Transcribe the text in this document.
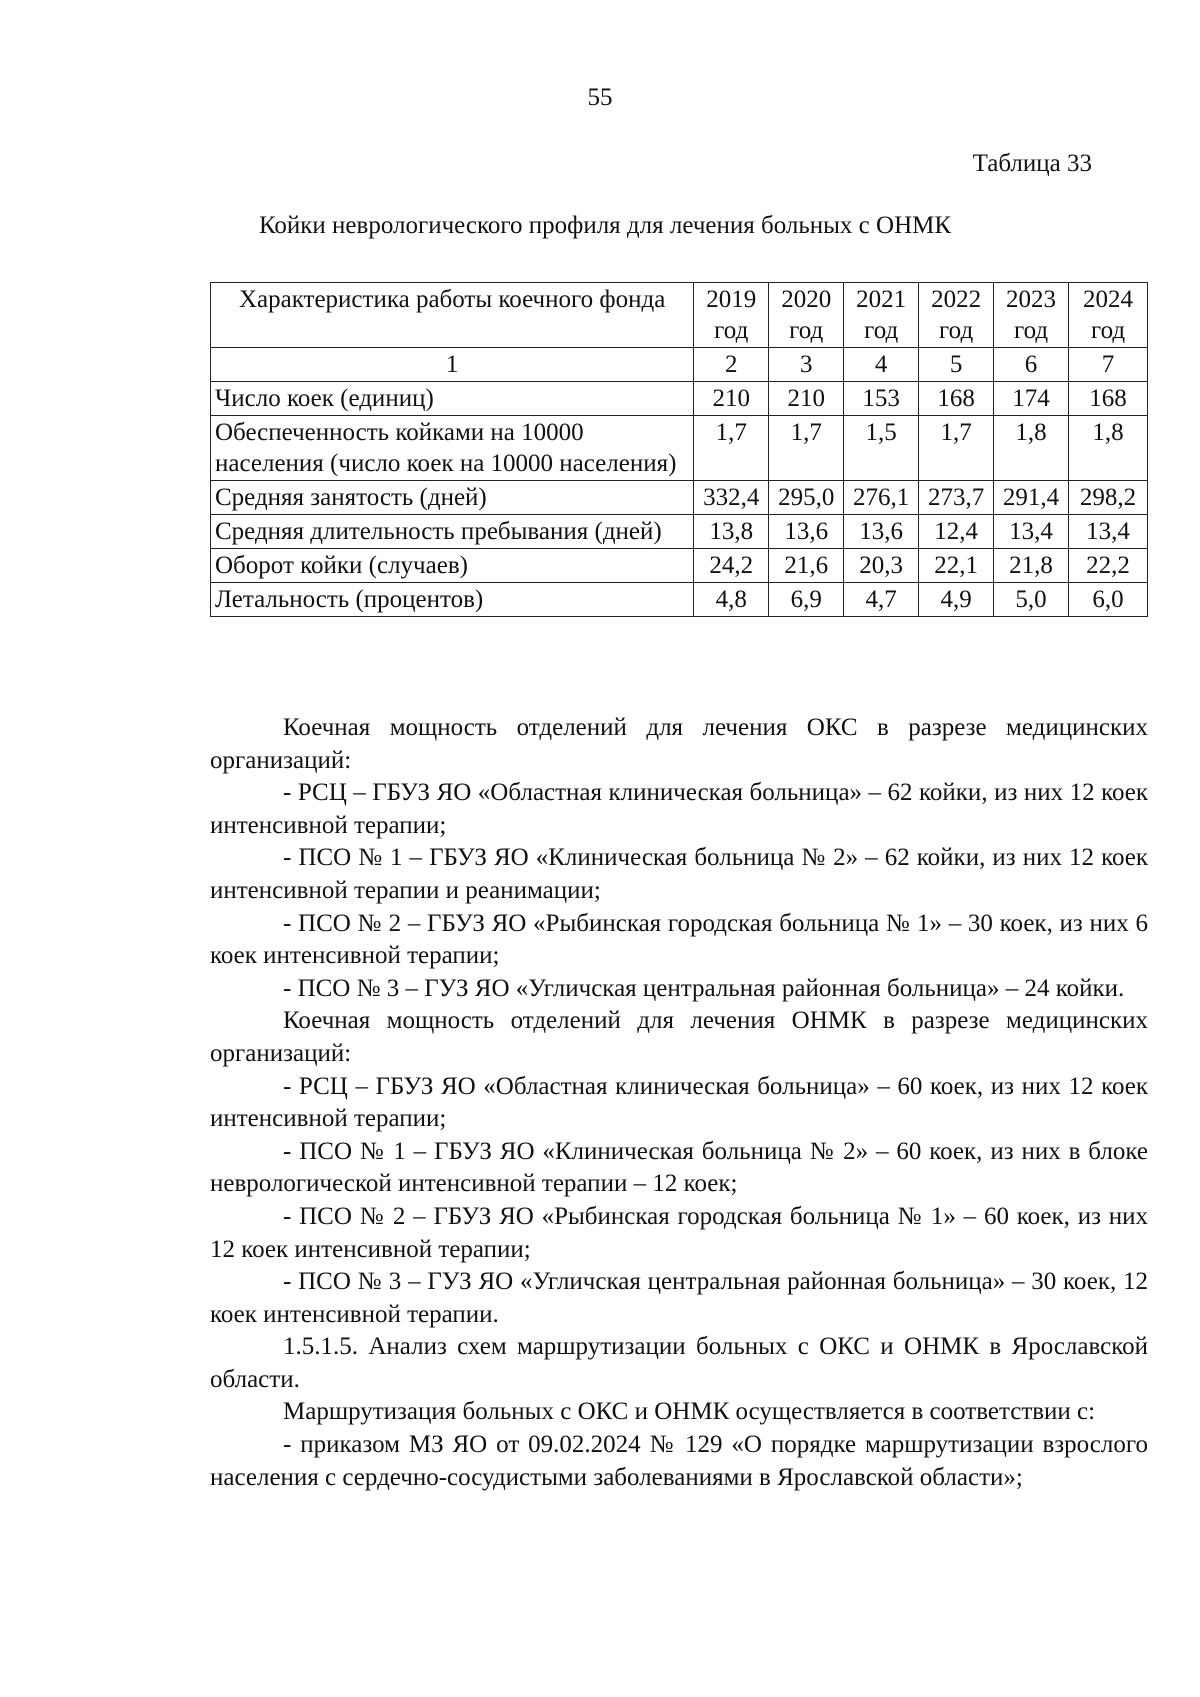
55
Таблица 33
Койки неврологического профиля для лечения больных с ОНМК
Характеристика работы коечного фонда	2019 год	2020 год	2021 год	2022 год	2023 год	2024 год
1	2	3	4	5	6	7
Число коек (единиц)	210	210	153	168	174	168
Обеспеченность койками на 10000 населения (число коек на 10000 населения)	1,7	1,7	1,5	1,7	1,8	1,8
Средняя занятость (дней)	332,4	295,0	276,1	273,7	291,4	298,2
Средняя длительность пребывания (дней)	13,8	13,6	13,6	12,4	13,4	13,4
Оборот койки (случаев)	24,2	21,6	20,3	22,1	21,8	22,2
Летальность (процентов)	4,8	6,9	4,7	4,9	5,0	6,0

Коечная мощность отделений для лечения ОКС в разрезе медицинских организаций:

- РСЦ – ГБУЗ ЯО «Областная клиническая больница» – 62 койки, из них 12 коек интенсивной терапии;

- ПСО № 1 – ГБУЗ ЯО «Клиническая больница № 2» – 62 койки, из них 12 коек интенсивной терапии и реанимации;

- ПСО № 2 – ГБУЗ ЯО «Рыбинская городская больница № 1» – 30 коек, из них 6 коек интенсивной терапии;

- ПСО № 3 – ГУЗ ЯО «Угличская центральная районная больница» – 24 койки.

Коечная мощность отделений для лечения ОНМК в разрезе медицинских организаций:

- РСЦ – ГБУЗ ЯО «Областная клиническая больница» – 60 коек, из них 12 коек интенсивной терапии;

- ПСО № 1 – ГБУЗ ЯО «Клиническая больница № 2» – 60 коек, из них в блоке неврологической интенсивной терапии – 12 коек;

- ПСО № 2 – ГБУЗ ЯО «Рыбинская городская больница № 1» – 60 коек, из них 12 коек интенсивной терапии;

- ПСО № 3 – ГУЗ ЯО «Угличская центральная районная больница» – 30 коек, 12 коек интенсивной терапии.

1.5.1.5. Анализ схем маршрутизации больных с ОКС и ОНМК в Ярославской области.

Маршрутизация больных с ОКС и ОНМК осуществляется в соответствии с:

- приказом МЗ ЯО от 09.02.2024 № 129 «О порядке маршрутизации взрослого населения с сердечно-сосудистыми заболеваниями в Ярославской области»;
